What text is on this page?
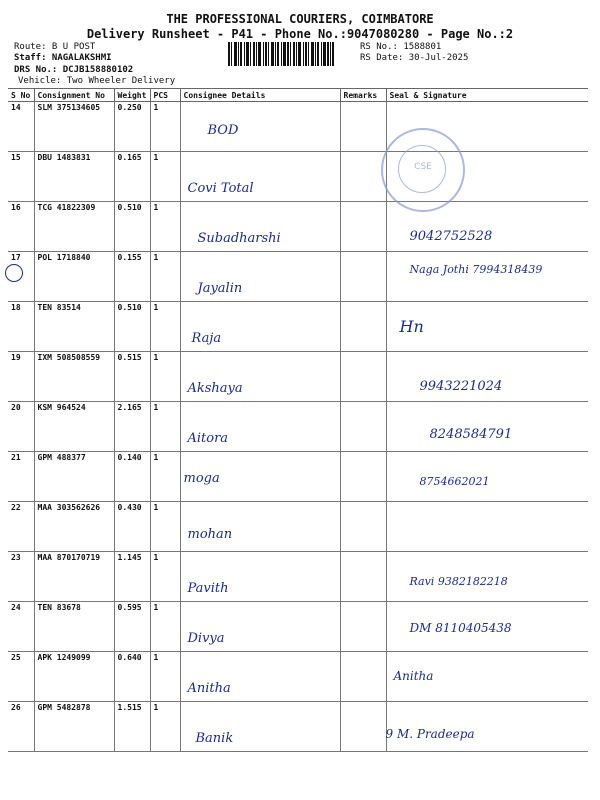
THE PROFESSIONAL COURIERS, COIMBATORE
Delivery Runsheet - P41 - Phone No.:9047080280 - Page No.:2
Route: B U POST
Staff: NAGALAKSHMI
DRS No.: DCJB158880102
Vehicle: Two Wheeler Delivery
RS No.: 1588801
RS Date: 30-Jul-2025
S No	Consignment No	Weight	PCS	Consignee Details	Remarks	Seal & Signature
14	SLM 375134605	0.250	1	BOD		
15	DBU 1483831	0.165	1	Covi Total		
16	TCG 41822309	0.510	1	Subadharshi		9042752528
17	POL 1718840	0.155	1	Jayalin		Naga Jothi 7994318439
18	TEN 83514	0.510	1	Raja		Hn
19	IXM 508508559	0.515	1	Akshaya		9943221024
20	KSM 964524	2.165	1	Aitora		8248584791
21	GPM 488377	0.140	1	moga		8754662021
22	MAA 303562626	0.430	1	mohan		
23	MAA 870170719	1.145	1	Pavith		Ravi 9382182218
24	TEN 83678	0.595	1	Divya		DM 8110405438
25	APK 1249099	0.640	1	Anitha		Anitha
26	GPM 5482878	1.515	1	Banik		9 M. Pradeepa
CSE
